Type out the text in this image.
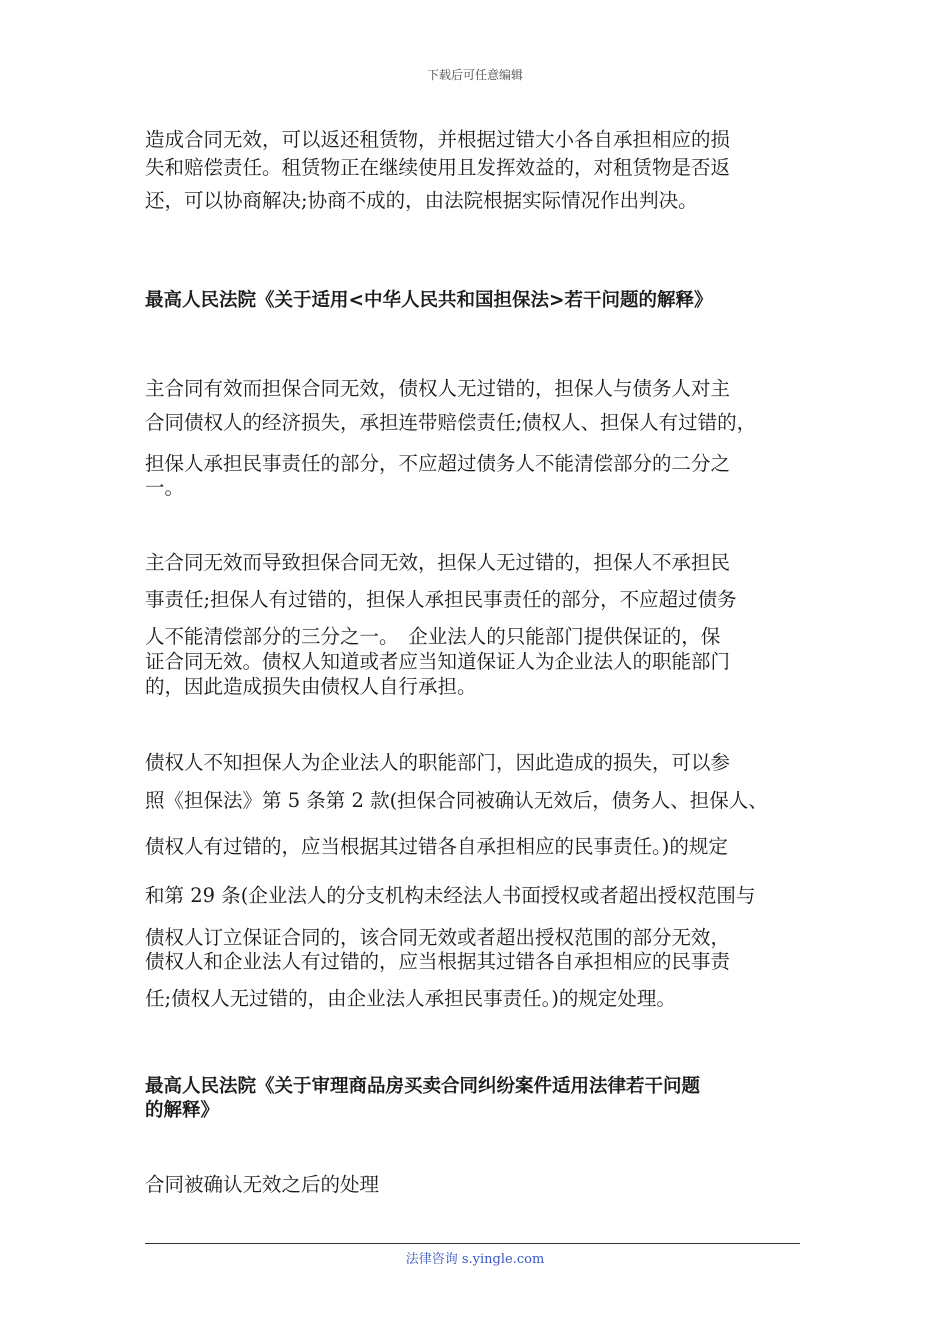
下载后可任意编辑
造成合同无效，可以返还租赁物，并根据过错大小各自承担相应的损
失和赔偿责任。租赁物正在继续使用且发挥效益的，对租赁物是否返
还，可以协商解决;协商不成的，由法院根据实际情况作出判决。
最高人民法院《关于适用<中华人民共和国担保法>若干问题的解释》
主合同有效而担保合同无效，债权人无过错的，担保人与债务人对主
合同债权人的经济损失，承担连带赔偿责任;债权人、担保人有过错的，
担保人承担民事责任的部分，不应超过债务人不能清偿部分的二分之
一。
主合同无效而导致担保合同无效，担保人无过错的，担保人不承担民
事责任;担保人有过错的，担保人承担民事责任的部分，不应超过债务
人不能清偿部分的三分之一。　企业法人的只能部门提供保证的，保
证合同无效。债权人知道或者应当知道保证人为企业法人的职能部门
的，因此造成损失由债权人自行承担。
债权人不知担保人为企业法人的职能部门，因此造成的损失，可以参
照《担保法》第 5 条第 2 款(担保合同被确认无效后，债务人、担保人、
债权人有过错的，应当根据其过错各自承担相应的民事责任。)的规定
和第 29 条(企业法人的分支机构未经法人书面授权或者超出授权范围与
债权人订立保证合同的，该合同无效或者超出授权范围的部分无效，
债权人和企业法人有过错的，应当根据其过错各自承担相应的民事责
任;债权人无过错的，由企业法人承担民事责任。)的规定处理。
最高人民法院《关于审理商品房买卖合同纠纷案件适用法律若干问题
的解释》
合同被确认无效之后的处理
法律咨询 s.yingle.com
